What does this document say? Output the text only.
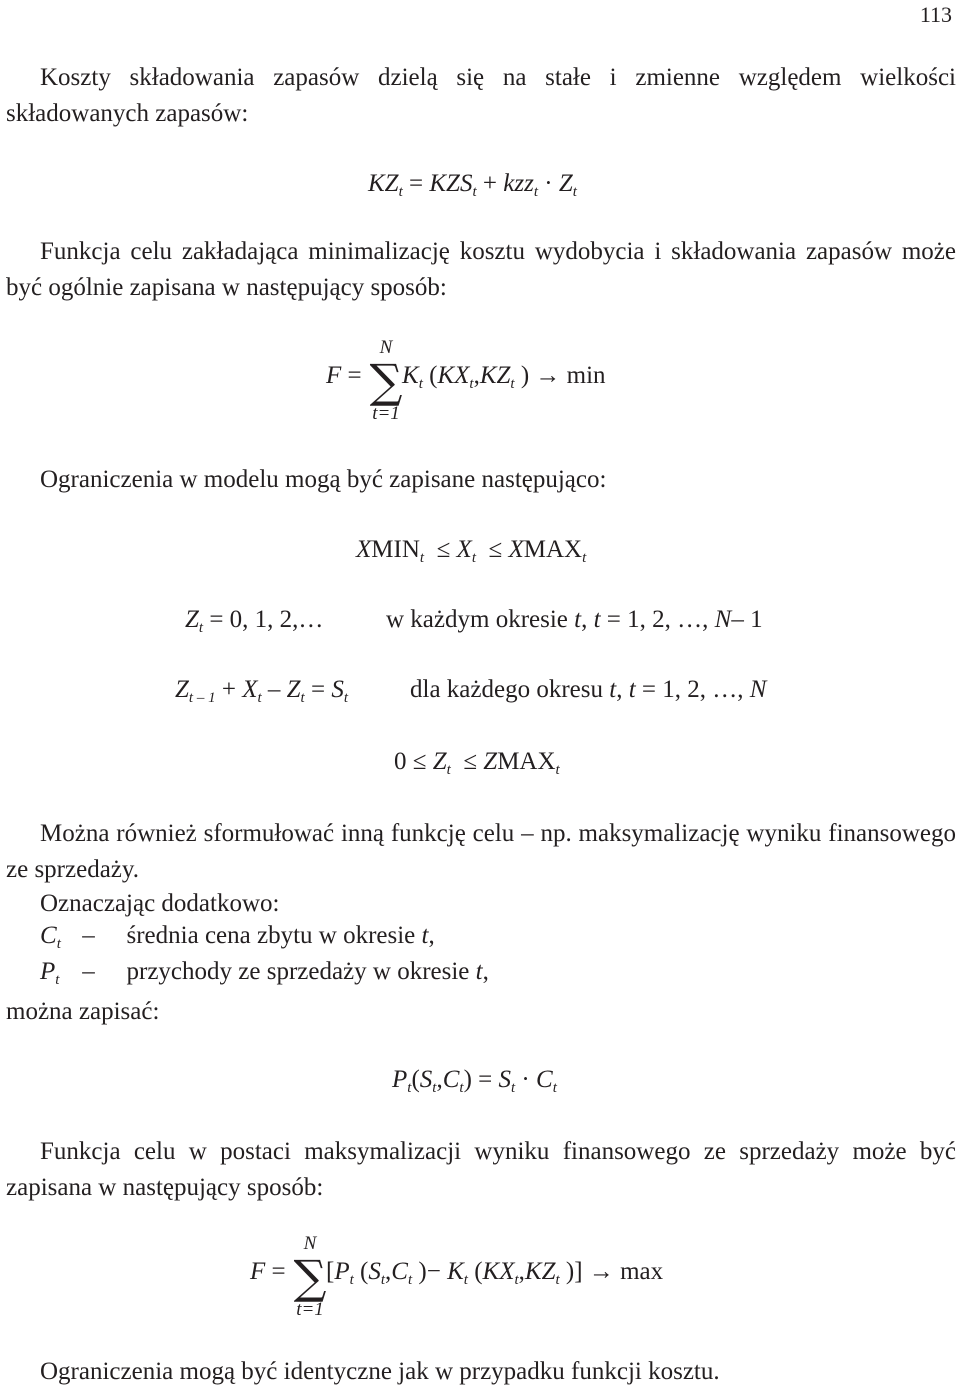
113
Koszty składowania zapasów dzielą się na stałe i zmienne względem wielkości składowanych zapasów:
$KZ_t = KZS_t + kzz_t \cdot Z_t$
Funkcja celu zakładająca minimalizację kosztu wydobycia i składowania zapasów może być ogólnie zapisana w następujący sposób:
F =
N
∑
t=1
$K_t$ ($KX_t,KZ_t$ ) → min
Ograniczenia w modelu mogą być zapisane następująco:
$XMIN_t \le X_t$ ≤ $XMAX_t$
$Z_t = 0$, 1, 2,…	w każdym okresie t, t = 1, 2, …, N– 1
$Z_{t - 1} + X_t - Z_t = S_t$ dla każdego okresu t, t = 1, 2, …, N
$0 \le Z_t$ ≤ $ZMAX_t$
Można również sformułować inną funkcję celu – np. maksymalizację wyniku finansowego ze sprzedaży.
Oznaczając dodatkowo:
$C_t$ – średnia cena zbytu w okresie t,
$P_t$ – przychody ze sprzedaży w okresie t,
można zapisać:
$P_t(S_t,C_t) = S_t \cdot C_t$
Funkcja celu w postaci maksymalizacji wyniku finansowego ze sprzedaży może być zapisana w następujący sposób:
F =
N
∑
t=1
[$P_t$ ($S_t,C_t$ )− $K_t$ ($KX_t,KZ_t$ )] → max
Ograniczenia mogą być identyczne jak w przypadku funkcji kosztu.
